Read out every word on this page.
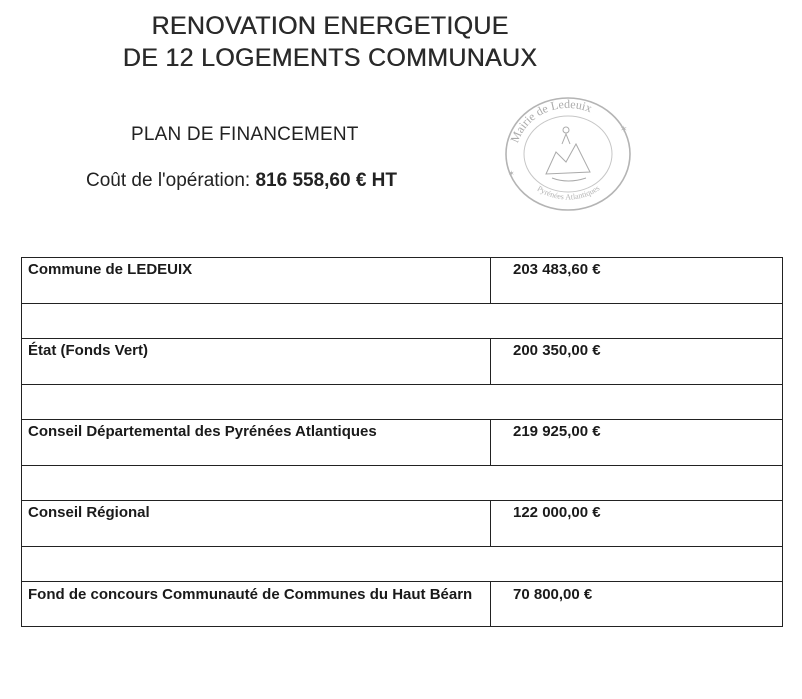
RENOVATION ENERGETIQUE
DE 12 LOGEMENTS COMMUNAUX
PLAN DE FINANCEMENT
Coût de l'opération: 816 558,60 € HT
Mairie de Ledeuix
Pyrénées Atlantiques
✶
✶
Commune de LEDEUIX	203 483,60 €

État (Fonds Vert)	200 350,00 €

Conseil Départemental des Pyrénées Atlantiques	219 925,00 €

Conseil Régional	122 000,00 €

Fond de concours Communauté de Communes du Haut Béarn	70 800,00 €
